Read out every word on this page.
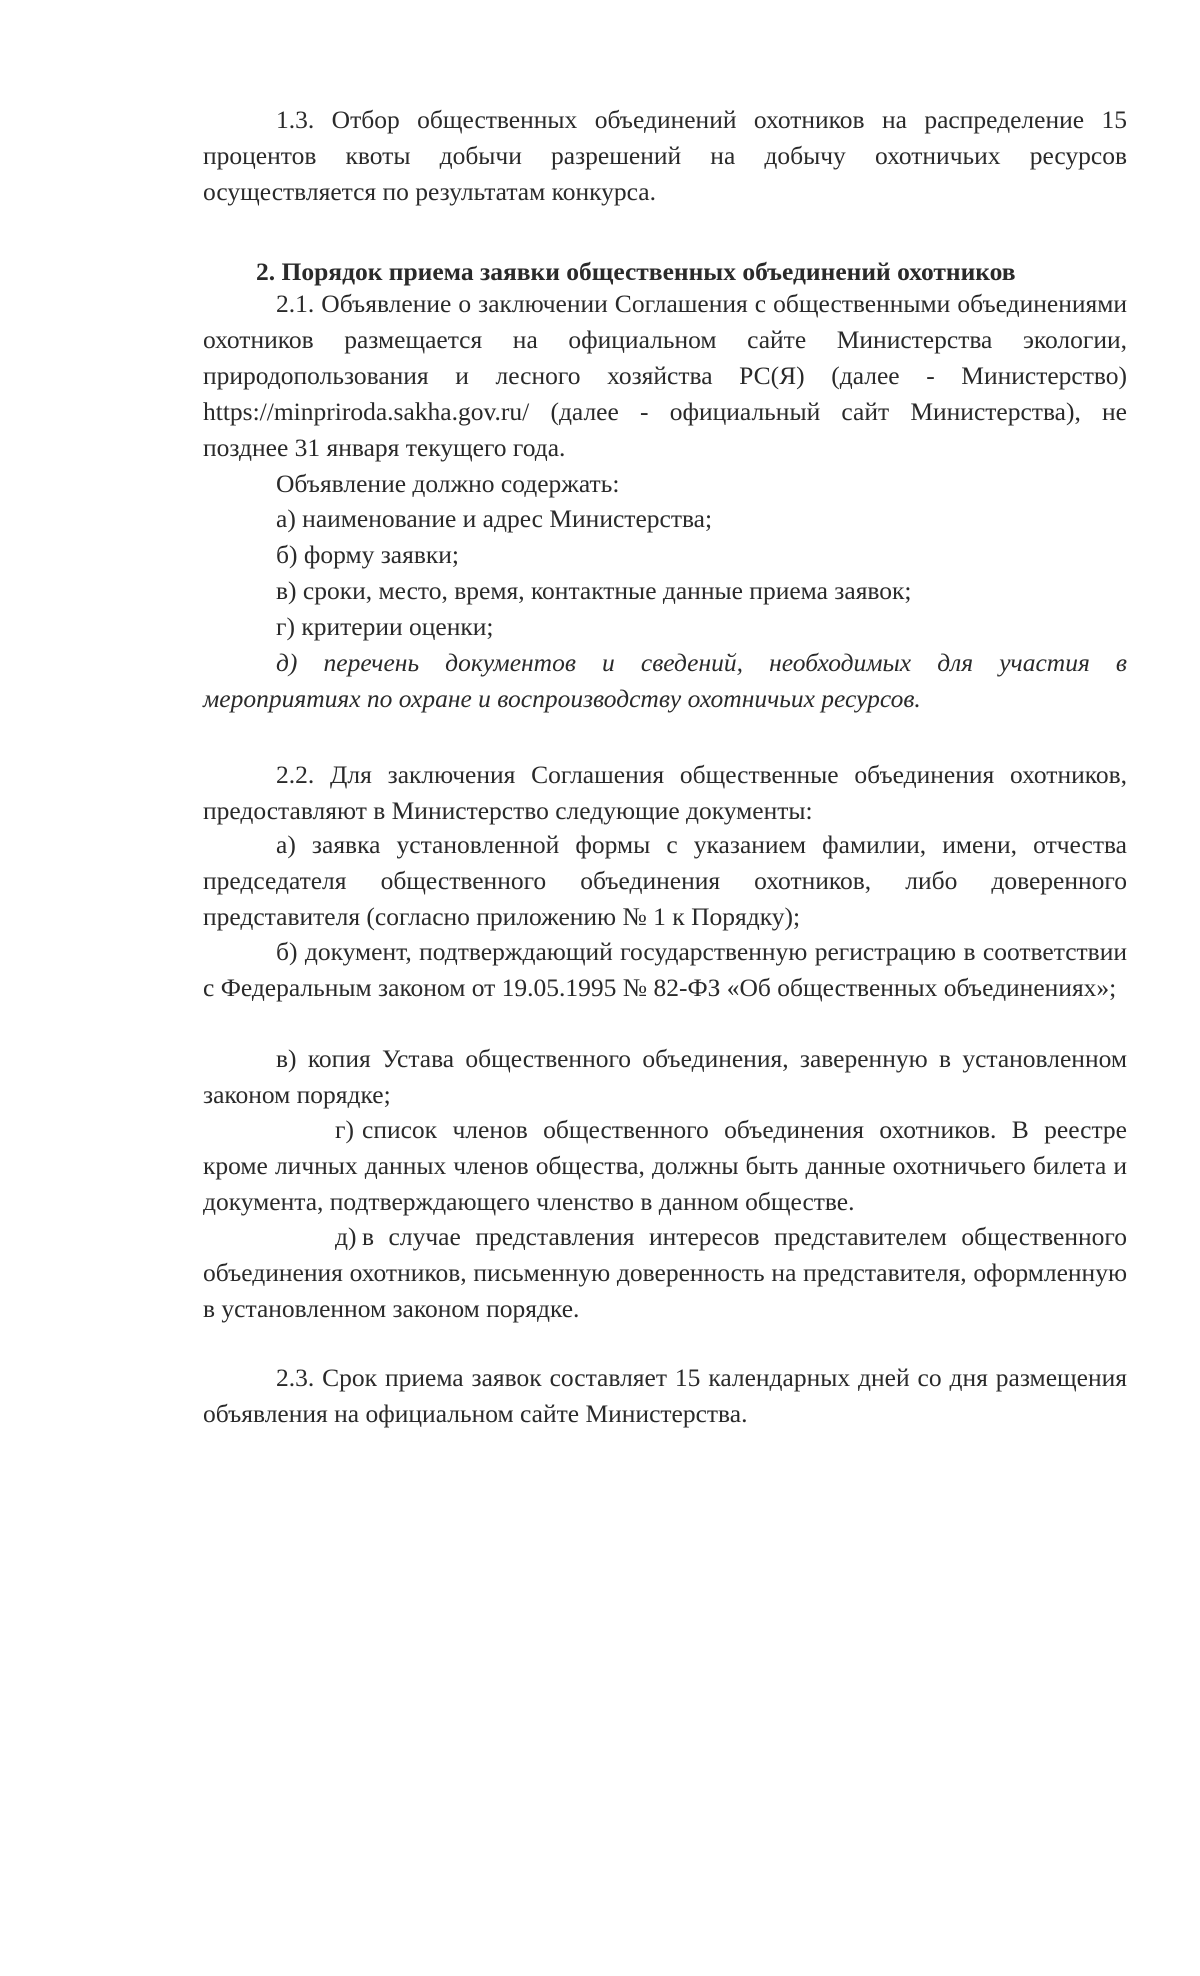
1.3. Отбор общественных объединений охотников на распределение 15 процентов квоты добычи разрешений на добычу охотничьих ресурсов осуществляется по результатам конкурса.

2. Порядок приема заявки общественных объединений охотников

2.1. Объявление о заключении Соглашения с общественными объединениями охотников размещается на официальном сайте Министерства экологии, природопользования и лесного хозяйства РС(Я) (далее - Министерство) https://minpriroda.sakha.gov.ru/ (далее - официальный сайт Министерства), не позднее 31 января текущего года.

Объявление должно содержать:
а) наименование и адрес Министерства;
б) форму заявки;
в) сроки, место, время, контактные данные приема заявок;
г) критерии оценки;

д) перечень документов и сведений, необходимых для участия в мероприятиях по охране и воспроизводству охотничьих ресурсов.

2.2. Для заключения Соглашения общественные объединения охотников, предоставляют в Министерство следующие документы:

а) заявка установленной формы с указанием фамилии, имени, отчества председателя общественного объединения охотников, либо доверенного представителя (согласно приложению № 1 к Порядку);

б) документ, подтверждающий государственную регистрацию в соответствии с Федеральным законом от 19.05.1995 № 82-ФЗ «Об общественных объединениях»;

в) копия Устава общественного объединения, заверенную в установленном законом порядке;

г) список членов общественного объединения охотников. В реестре кроме личных данных членов общества, должны быть данные охотничьего билета и документа, подтверждающего членство в данном обществе.

д) в случае представления интересов представителем общественного объединения охотников, письменную доверенность на представителя, оформленную в установленном законом порядке.

2.3. Срок приема заявок составляет 15 календарных дней со дня размещения объявления на официальном сайте Министерства.
